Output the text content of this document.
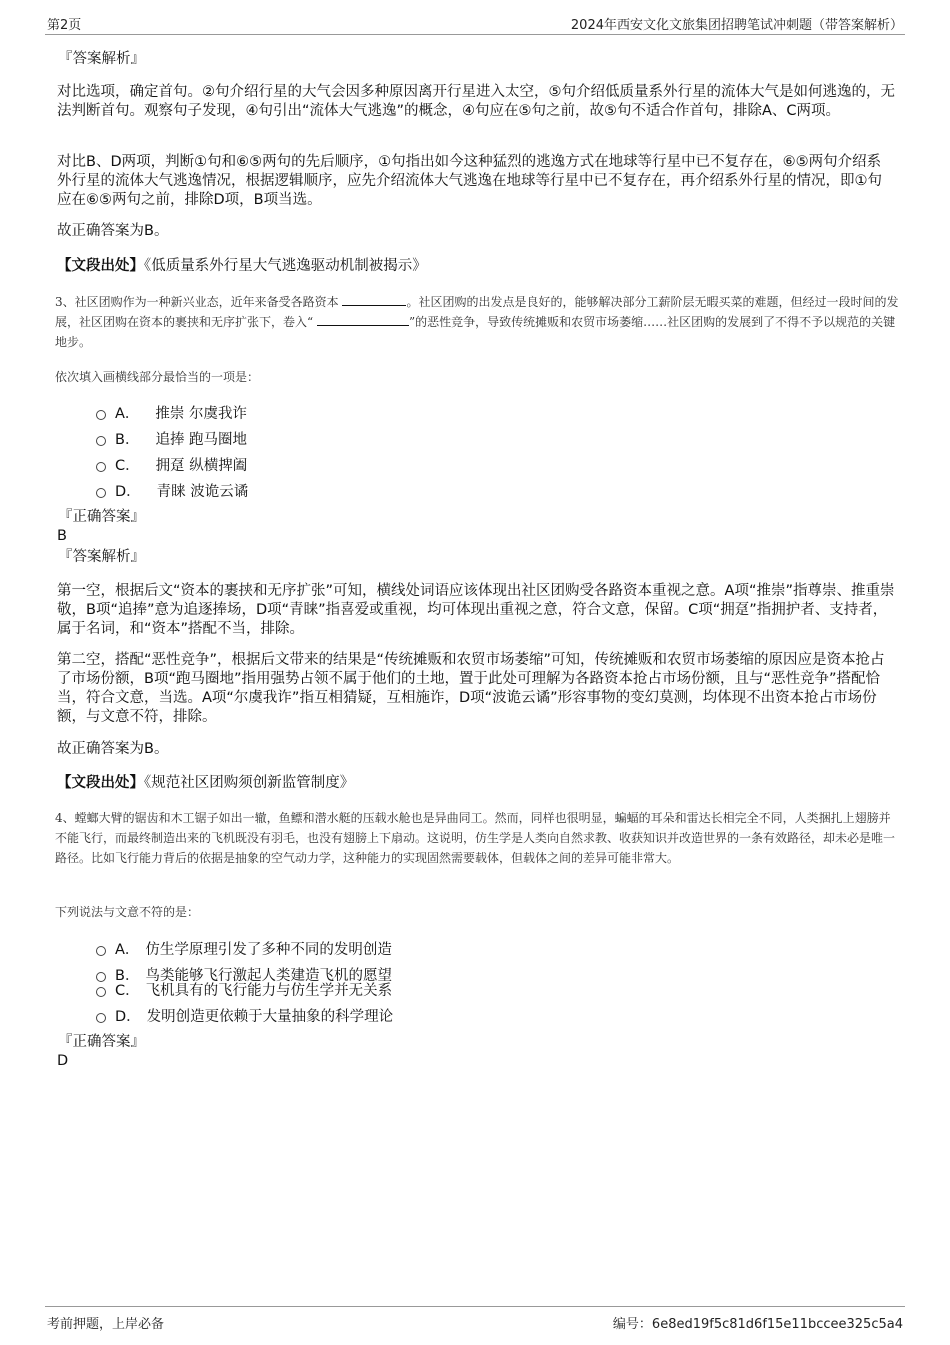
第2页	2024年西安文化文旅集团招聘笔试冲刺题（带答案解析）
『答案解析』
对比选项，确定首句。②句介绍行星的大气会因多种原因离开行星进入太空，⑤句介绍低质量系外行星的流体大气是如何逃逸的，无法判断首句。观察句子发现，④句引出“流体大气逃逸”的概念，④句应在⑤句之前，故⑤句不适合作首句，排除A、C两项。
对比B、D两项，判断①句和⑥⑤两句的先后顺序，①句指出如今这种猛烈的逃逸方式在地球等行星中已不复存在，⑥⑤两句介绍系外行星的流体大气逃逸情况，根据逻辑顺序，应先介绍流体大气逃逸在地球等行星中已不复存在，再介绍系外行星的情况，即①句应在⑥⑤两句之前，排除D项，B项当选。
故正确答案为B。
【文段出处】《低质量系外行星大气逃逸驱动机制被揭示》
3、社区团购作为一种新兴业态，近年来备受各路资本	。社区团购的出发点是良好的，能够解决部分工薪阶层无暇买菜的难题，但经过一段时间的发展，社区团购在资本的裹挟和无序扩张下，卷入“	”的恶性竞争，导致传统摊贩和农贸市场萎缩……社区团购的发展到了不得不予以规范的关键地步。
依次填入画横线部分最恰当的一项是：
A． 推崇 尔虞我诈
B． 追捧 跑马圈地
C． 拥趸 纵横捭阖
D． 青睐 波诡云谲
『正确答案』
B
『答案解析』
第一空，根据后文“资本的裹挟和无序扩张”可知，横线处词语应该体现出社区团购受各路资本重视之意。A项“推崇”指尊崇、推重崇敬，B项“追捧”意为追逐捧场，D项“青睐”指喜爱或重视，均可体现出重视之意，符合文意，保留。C项“拥趸”指拥护者、支持者，属于名词，和“资本”搭配不当，排除。
第二空，搭配“恶性竞争”，根据后文带来的结果是“传统摊贩和农贸市场萎缩”可知，传统摊贩和农贸市场萎缩的原因应是资本抢占了市场份额，B项“跑马圈地”指用强势占领不属于他们的土地，置于此处可理解为各路资本抢占市场份额，且与“恶性竞争”搭配恰当，符合文意，当选。A项“尔虞我诈”指互相猜疑，互相施诈，D项“波诡云谲”形容事物的变幻莫测，均体现不出资本抢占市场份额，与文意不符，排除。
故正确答案为B。
【文段出处】《规范社区团购须创新监管制度》
4、螳螂大臂的锯齿和木工锯子如出一辙，鱼鳔和潜水艇的压载水舱也是异曲同工。然而，同样也很明显，蝙蝠的耳朵和雷达长相完全不同，人类捆扎上翅膀并不能飞行，而最终制造出来的飞机既没有羽毛，也没有翅膀上下扇动。这说明，仿生学是人类向自然求教、收获知识并改造世界的一条有效路径，却未必是唯一路径。比如飞行能力背后的依据是抽象的空气动力学，这种能力的实现固然需要载体，但载体之间的差异可能非常大。
下列说法与文意不符的是：
A． 仿生学原理引发了多种不同的发明创造
B． 鸟类能够飞行激起人类建造飞机的愿望
C． 飞机具有的飞行能力与仿生学并无关系
D． 发明创造更依赖于大量抽象的科学理论
『正确答案』
D
考前押题，上岸必备	编号：6e8ed19f5c81d6f15e11bccee325c5a4
